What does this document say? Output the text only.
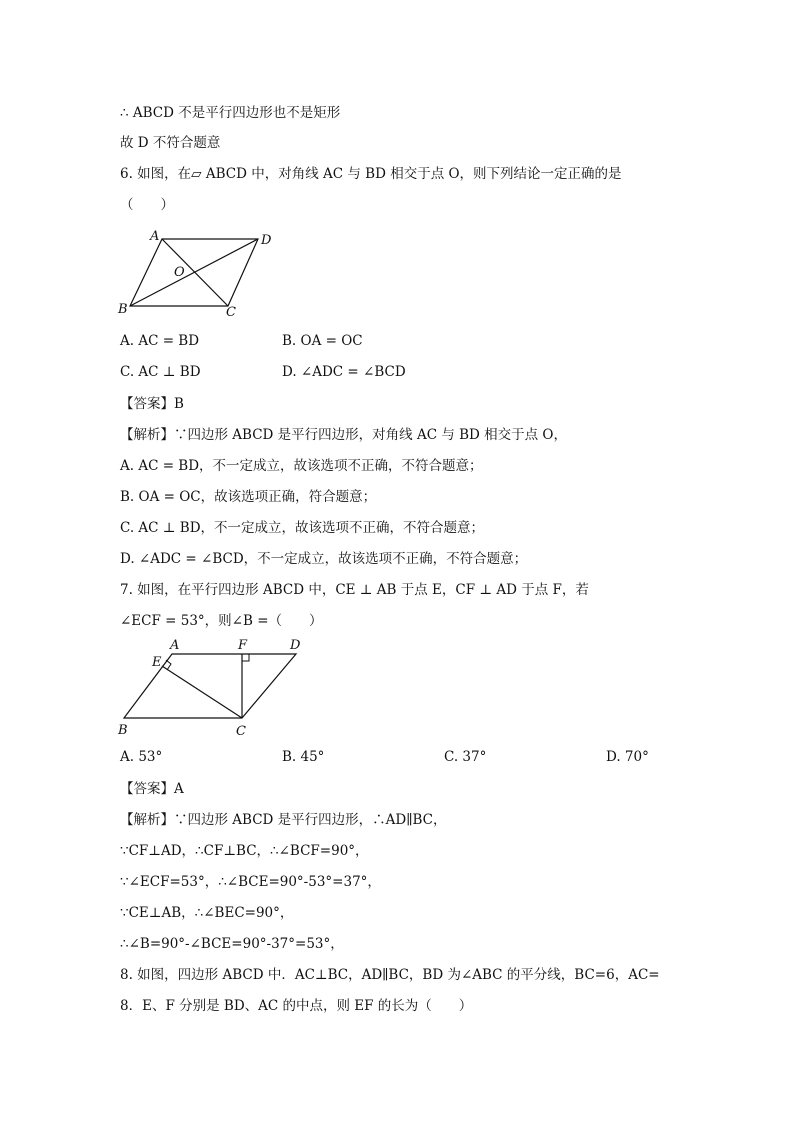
∴ ABCD 不是平行四边形也不是矩形
故 D 不符合题意
6. 如图，在▱ ABCD 中，对角线 AC 与 BD 相交于点 O，则下列结论一定正确的是
（　　）
A	D
O
B	C
A. AC = BD	B. OA = OC
C. AC ⊥ BD	D. ∠ADC = ∠BCD
【答案】B
【解析】∵四边形 ABCD 是平行四边形，对角线 AC 与 BD 相交于点 O，
A. AC = BD，不一定成立，故该选项不正确，不符合题意；
B. OA = OC，故该选项正确，符合题意；
C. AC ⊥ BD，不一定成立，故该选项不正确，不符合题意；
D. ∠ADC = ∠BCD，不一定成立，故该选项不正确，不符合题意；
7. 如图，在平行四边形 ABCD 中，CE ⊥ AB 于点 E，CF ⊥ AD 于点 F，若
∠ECF = 53°，则∠B =（　　）
A	F	D
E
B	C
A. 53°	B. 45°	C. 37°	D. 70°
【答案】A
【解析】∵四边形 ABCD 是平行四边形，∴AD∥BC，
∵CF⊥AD，∴CF⊥BC，∴∠BCF=90°，
∵∠ECF=53°，∴∠BCE=90°-53°=37°，
∵CE⊥AB，∴∠BEC=90°，
∴∠B=90°-∠BCE=90°-37°=53°，
8. 如图，四边形 ABCD 中．AC⊥BC，AD∥BC，BD 为∠ABC 的平分线，BC=6，AC=
8．E、F 分别是 BD、AC 的中点，则 EF 的长为（　　）
